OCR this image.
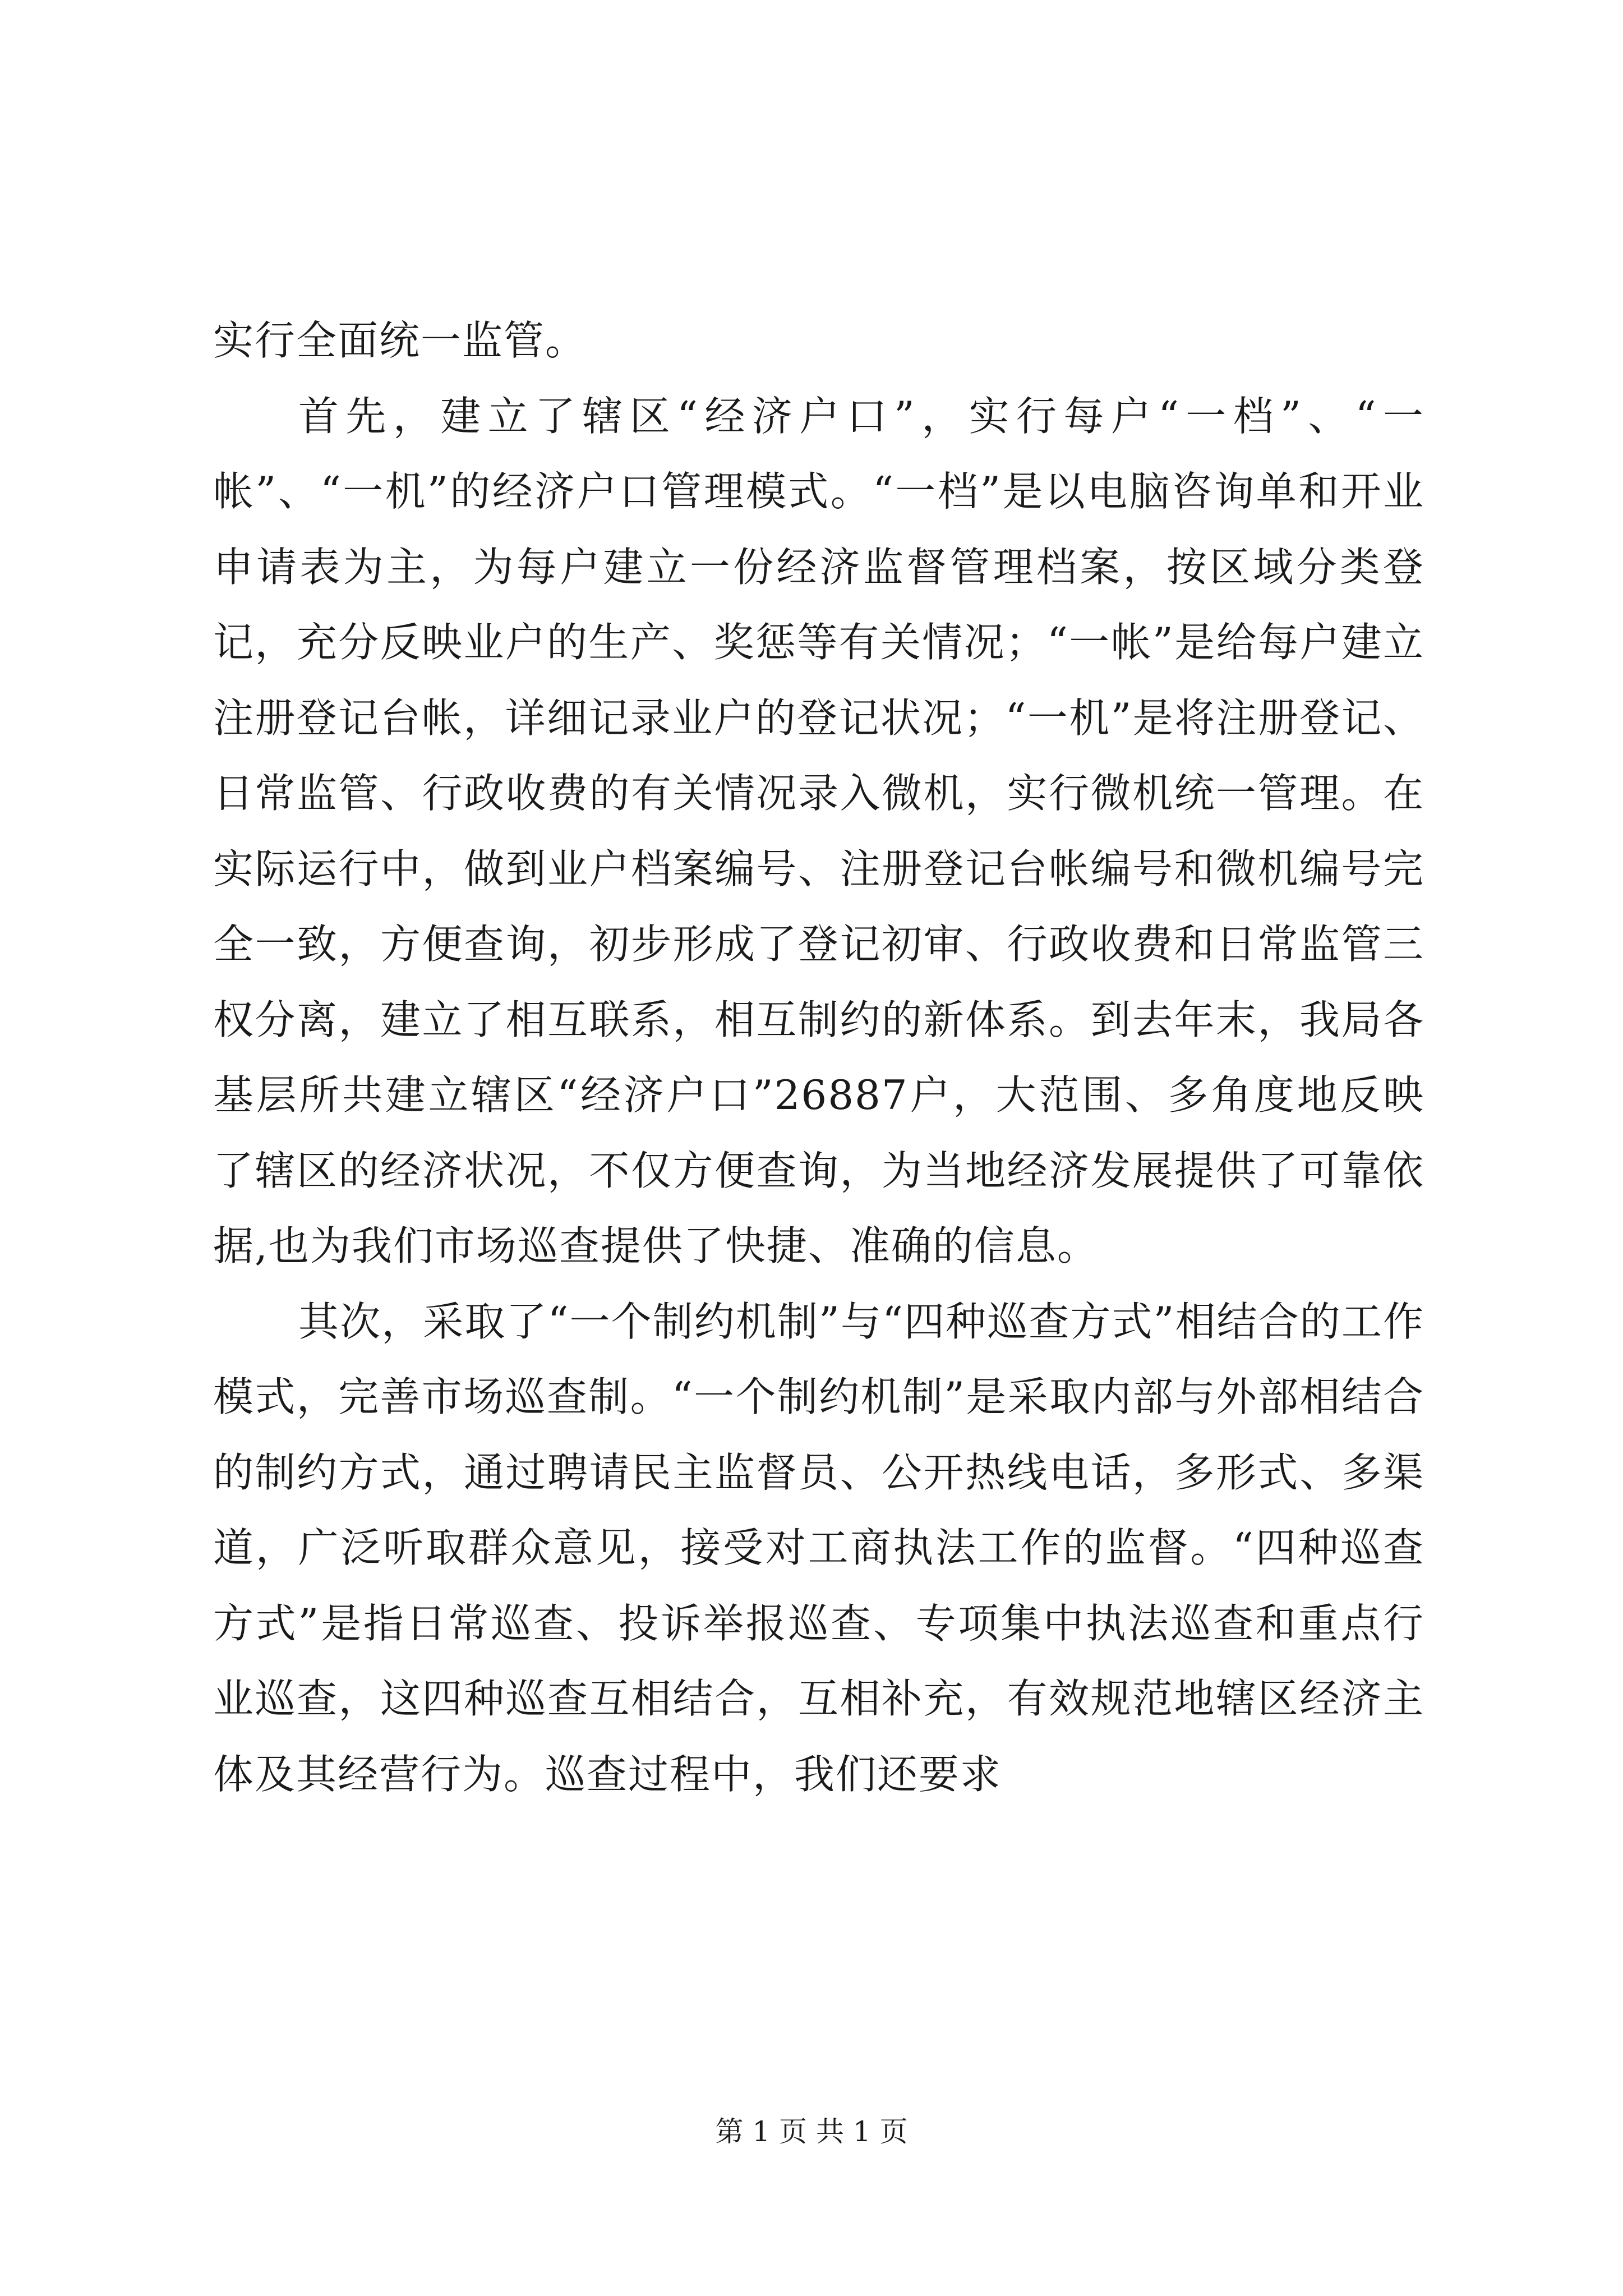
实行全面统一监管。

首先，建立了辖区“经济户口”，实行每户“一档”、“一帐”、“一机”的经济户口管理模式。“一档”是以电脑咨询单和开业申请表为主，为每户建立一份经济监督管理档案，按区域分类登记，充分反映业户的生产、奖惩等有关情况；“一帐”是给每户建立注册登记台帐，详细记录业户的登记状况；“一机”是将注册登记、日常监管、行政收费的有关情况录入微机，实行微机统一管理。在实际运行中，做到业户档案编号、注册登记台帐编号和微机编号完全一致，方便查询，初步形成了登记初审、行政收费和日常监管三权分离，建立了相互联系，相互制约的新体系。到去年末，我局各基层所共建立辖区“经济户口”26887户，大范围、多角度地反映了辖区的经济状况，不仅方便查询，为当地经济发展提供了可靠依据,也为我们市场巡查提供了快捷、准确的信息。

其次，采取了“一个制约机制”与“四种巡查方式”相结合的工作模式，完善市场巡查制。“一个制约机制”是采取内部与外部相结合的制约方式，通过聘请民主监督员、公开热线电话，多形式、多渠道，广泛听取群众意见，接受对工商执法工作的监督。“四种巡查方式”是指日常巡查、投诉举报巡查、专项集中执法巡查和重点行业巡查，这四种巡查互相结合，互相补充，有效规范地辖区经济主体及其经营行为。巡查过程中，我们还要求

第 1 页 共 1 页
